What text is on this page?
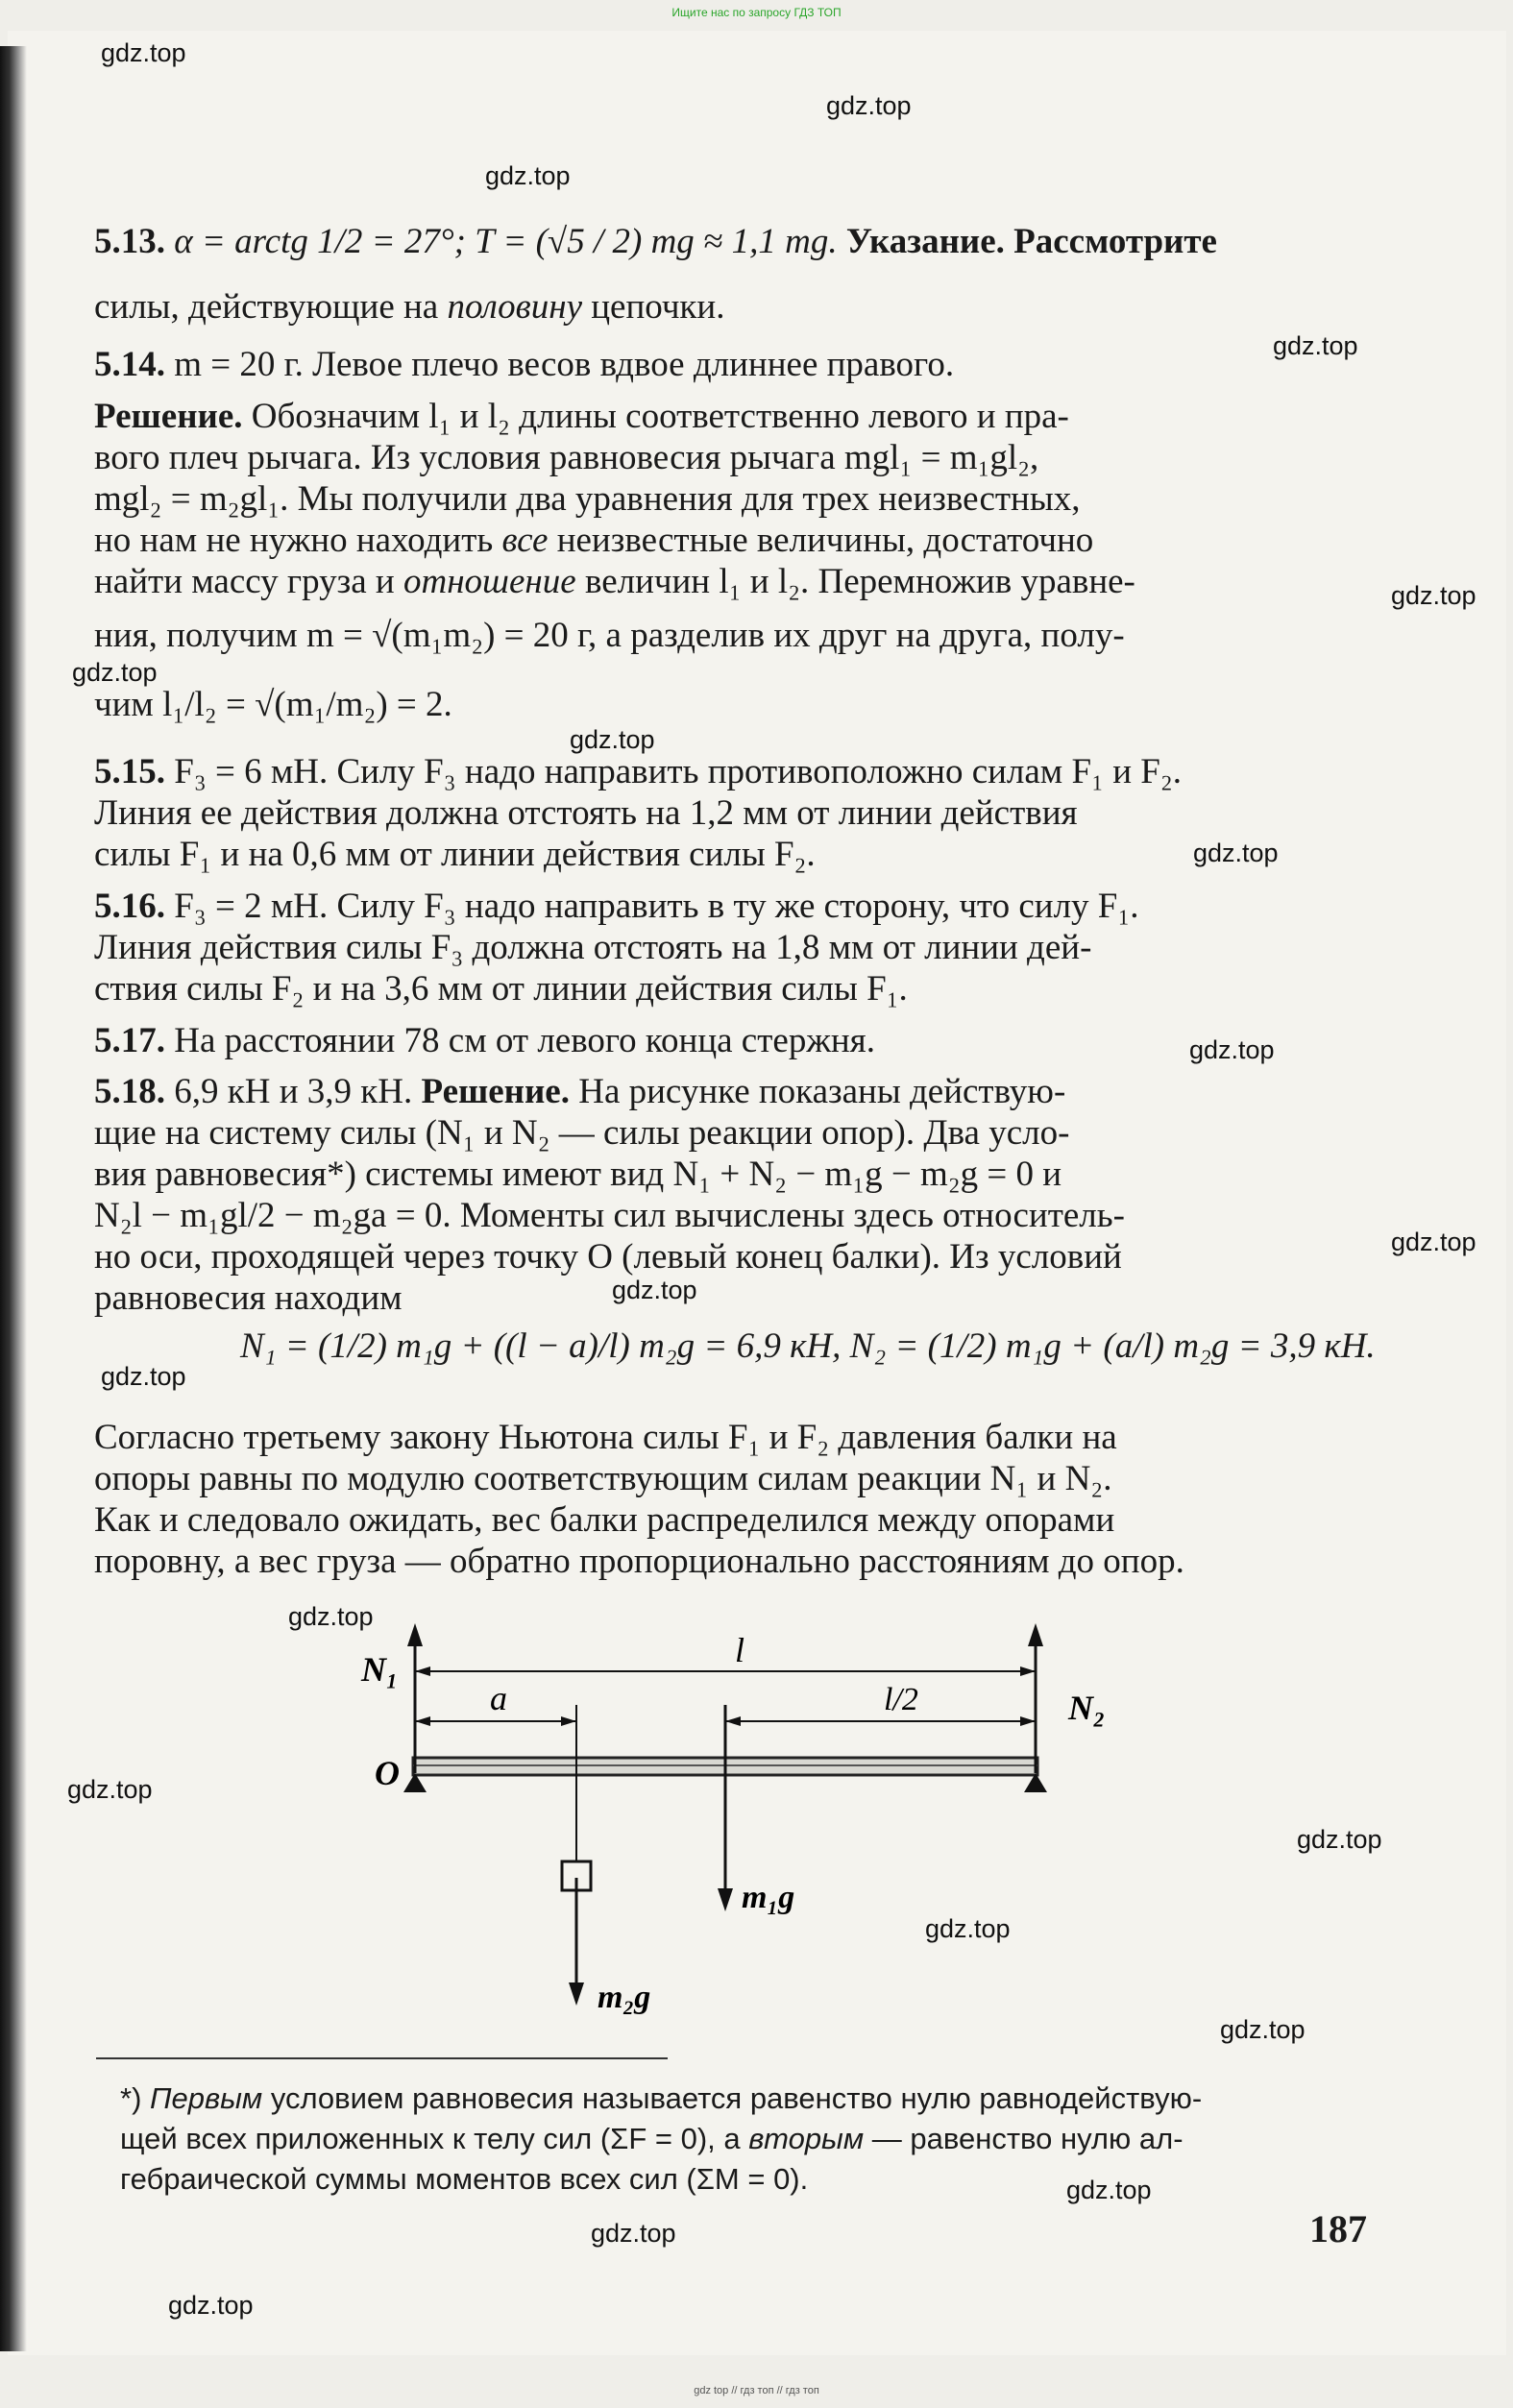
Ищите нас по запросу ГДЗ ТОП
gdz.top
gdz.top
gdz.top
gdz.top
gdz.top
gdz.top
gdz.top
gdz.top
gdz.top
gdz.top
gdz.top
gdz.top
gdz.top
gdz.top
gdz.top
gdz.top
gdz.top
gdz.top
gdz.top
gdz.top
5.13. α = arctg 1/2 = 27°; T = (√5 / 2) mg ≈ 1,1 mg. Указание. Рассмотрите
силы, действующие на половину цепочки.
5.14. m = 20 г. Левое плечо весов вдвое длиннее правого.
Решение. Обозначим l₁ и l₂ длины соответственно левого и пра-
вого плеч рычага. Из условия равновесия рычага mgl₁ = m₁gl₂,
mgl₂ = m₂gl₁. Мы получили два уравнения для трех неизвестных,
но нам не нужно находить все неизвестные величины, достаточно
найти массу груза и отношение величин l₁ и l₂. Перемножив уравне-
ния, получим m = √(m₁m₂) = 20 г, а разделив их друг на друга, полу-
чим l₁/l₂ = √(m₁/m₂) = 2.
5.15. F₃ = 6 мН. Силу F₃ надо направить противоположно силам F₁ и F₂.
Линия ее действия должна отстоять на 1,2 мм от линии действия
силы F₁ и на 0,6 мм от линии действия силы F₂.
5.16. F₃ = 2 мН. Силу F₃ надо направить в ту же сторону, что силу F₁.
Линия действия силы F₃ должна отстоять на 1,8 мм от линии дей-
ствия силы F₂ и на 3,6 мм от линии действия силы F₁.
5.17. На расстоянии 78 см от левого конца стержня.
5.18. 6,9 кН и 3,9 кН. Решение. На рисунке показаны действую-
щие на систему силы (N₁ и N₂ — силы реакции опор). Два усло-
вия равновесия*) системы имеют вид N₁ + N₂ − m₁g − m₂g = 0 и
N₂l − m₁gl/2 − m₂ga = 0. Моменты сил вычислены здесь относитель-
но оси, проходящей через точку O (левый конец балки). Из условий
равновесия находим
N₁ = (1/2) m₁g + ((l − a)/l) m₂g = 6,9 кН, N₂ = (1/2) m₁g + (a/l) m₂g = 3,9 кН.
Согласно третьему закону Ньютона силы F₁ и F₂ давления балки на
опоры равны по модулю соответствующим силам реакции N₁ и N₂.
Как и следовало ожидать, вес балки распределился между опорами
поровну, а вес груза — обратно пропорционально расстояниям до опор.
N₁
N₂
l
a	l/2
O
m₁g
m₂g
*) Первым условием равновесия называется равенство нулю равнодействую-
щей всех приложенных к телу сил (ΣF = 0), а вторым — равенство нулю ал-
гебраической суммы моментов всех сил (ΣM = 0).
187
gdz top // гдз топ // гдз топ
